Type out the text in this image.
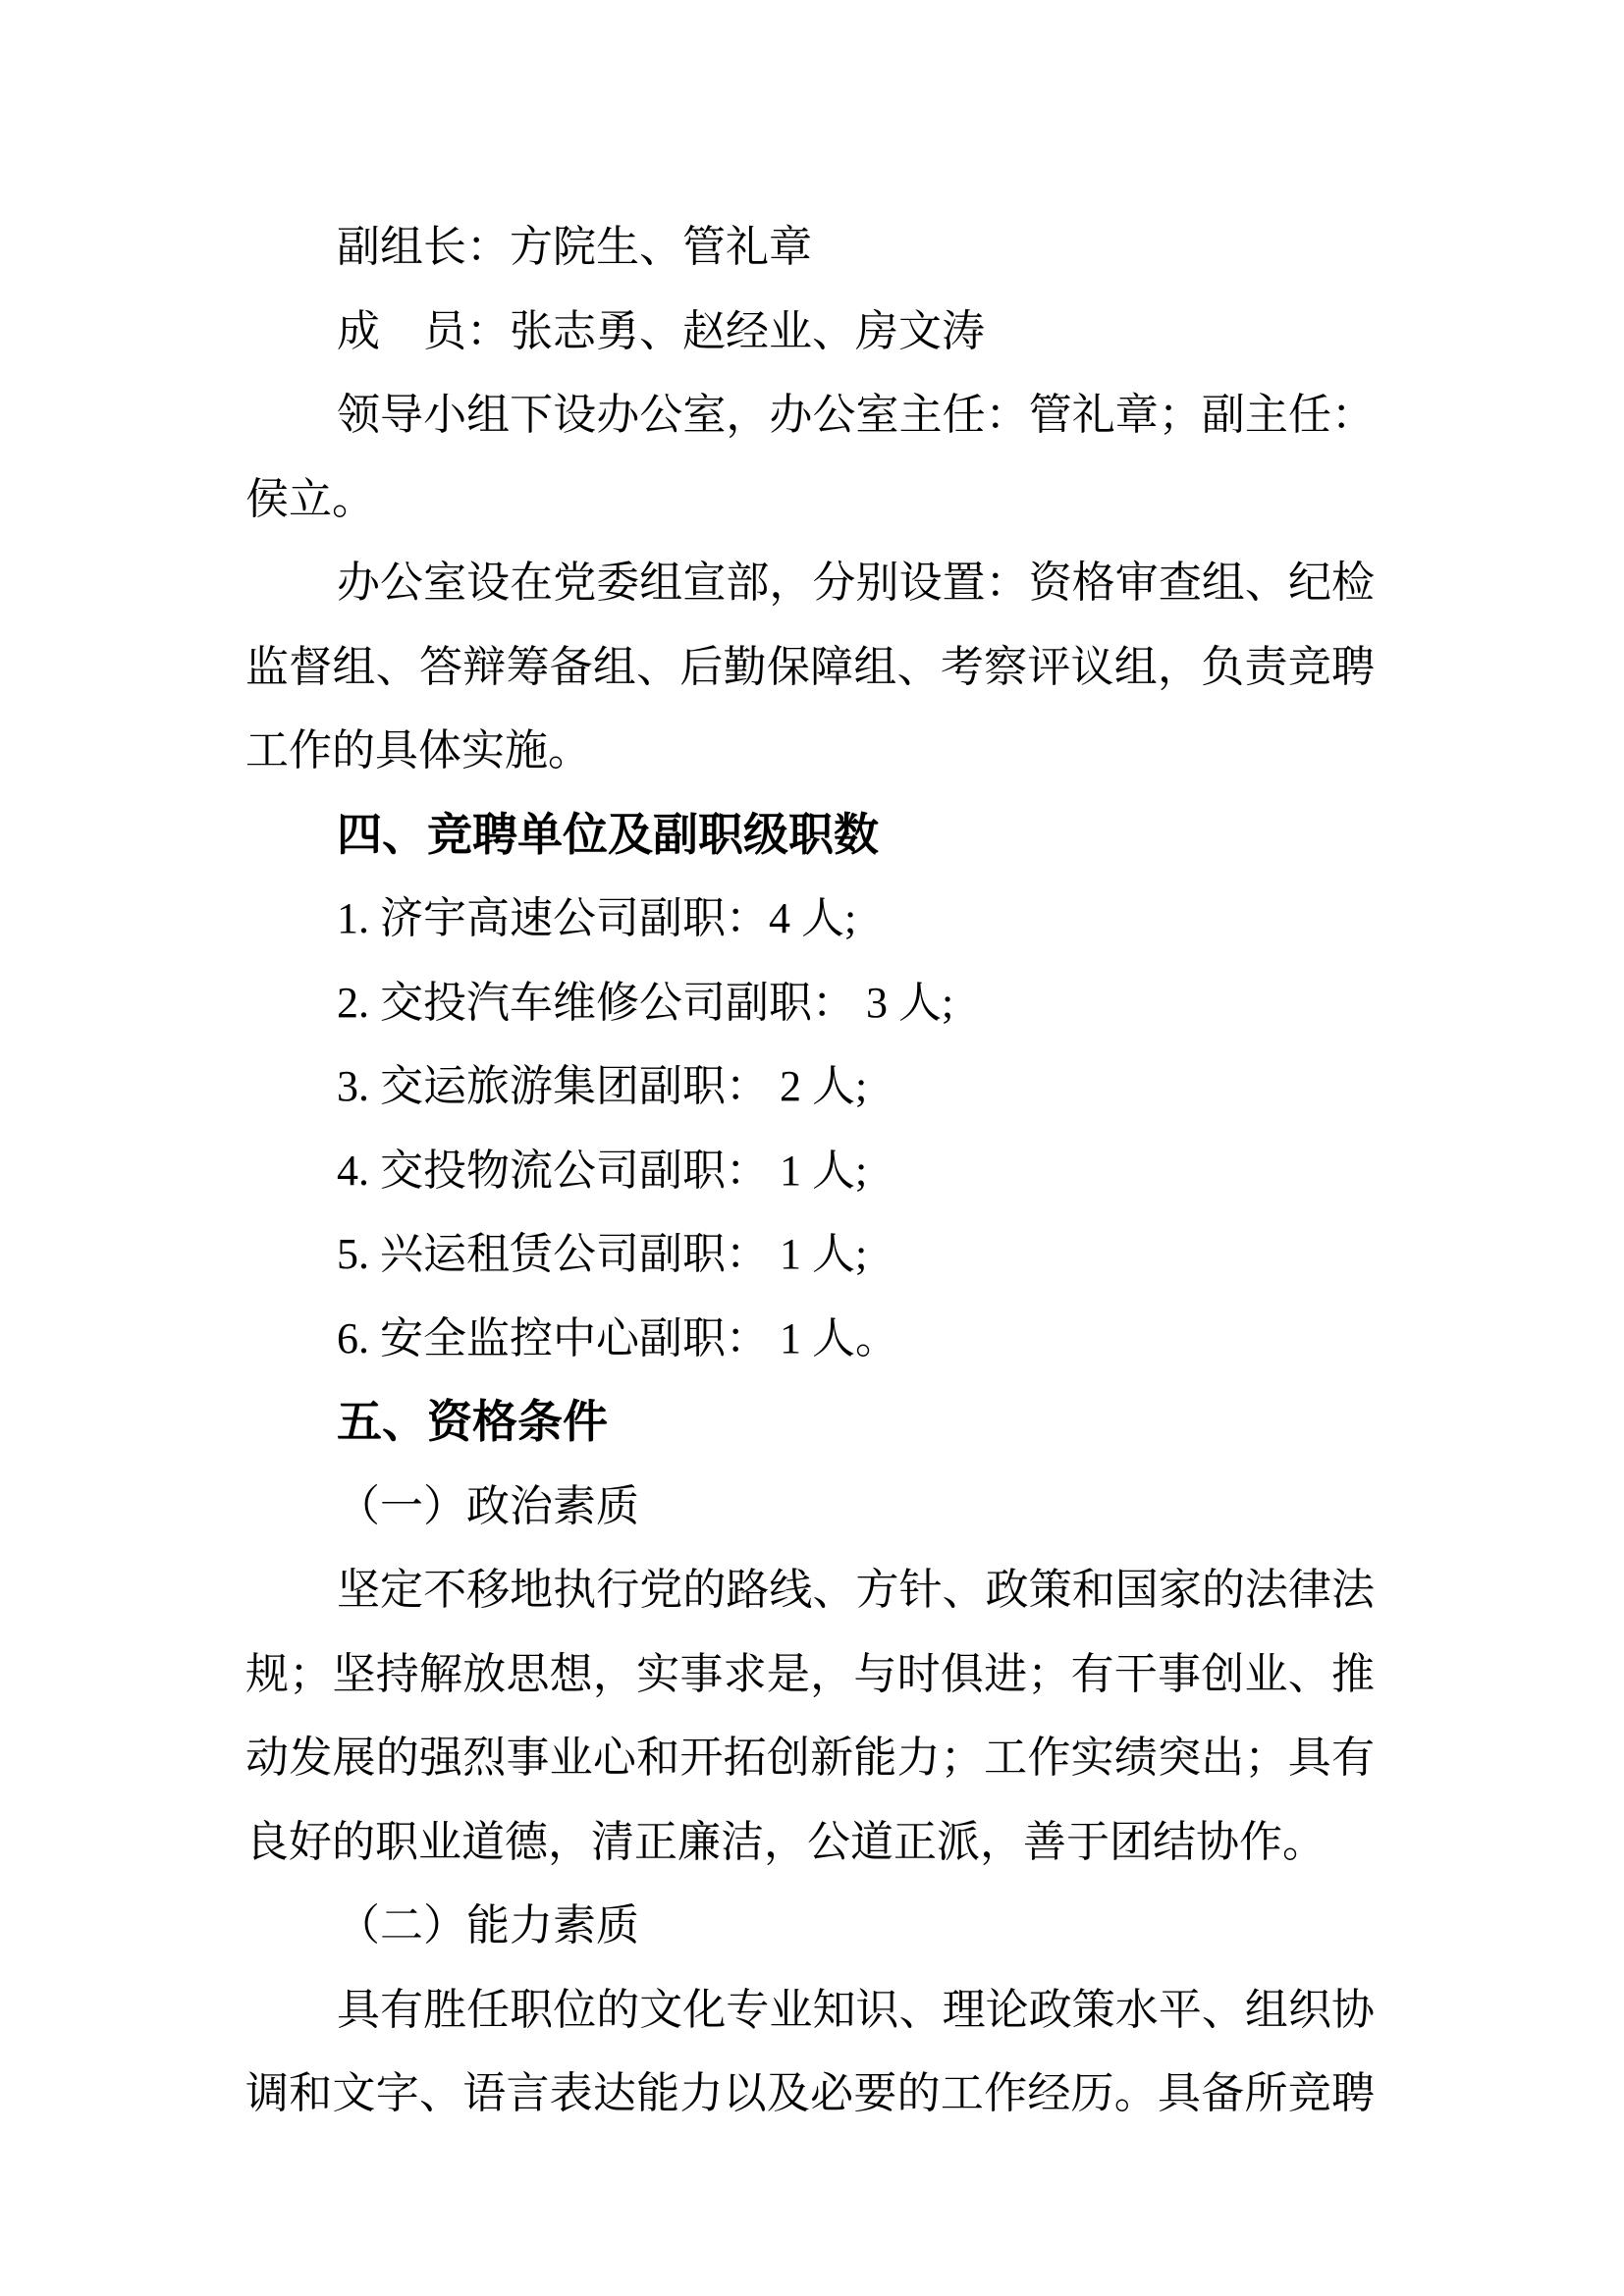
副组长：方院生、管礼章
成　员：张志勇、赵经业、房文涛
领导小组下设办公室，办公室主任：管礼章；副主任：
侯立。
办公室设在党委组宣部，分别设置：资格审查组、纪检
监督组、答辩筹备组、后勤保障组、考察评议组，负责竞聘
工作的具体实施。
四、竞聘单位及副职级职数
1. 济宇高速公司副职：4 人;
2. 交投汽车维修公司副职： 3 人;
3. 交运旅游集团副职： 2 人;
4. 交投物流公司副职： 1 人;
5. 兴运租赁公司副职： 1 人;
6. 安全监控中心副职： 1 人。
五、资格条件
（一）政治素质
坚定不移地执行党的路线、方针、政策和国家的法律法
规；坚持解放思想，实事求是，与时俱进；有干事创业、推
动发展的强烈事业心和开拓创新能力；工作实绩突出；具有
良好的职业道德，清正廉洁，公道正派，善于团结协作。
（二）能力素质
具有胜任职位的文化专业知识、理论政策水平、组织协
调和文字、语言表达能力以及必要的工作经历。具备所竞聘
